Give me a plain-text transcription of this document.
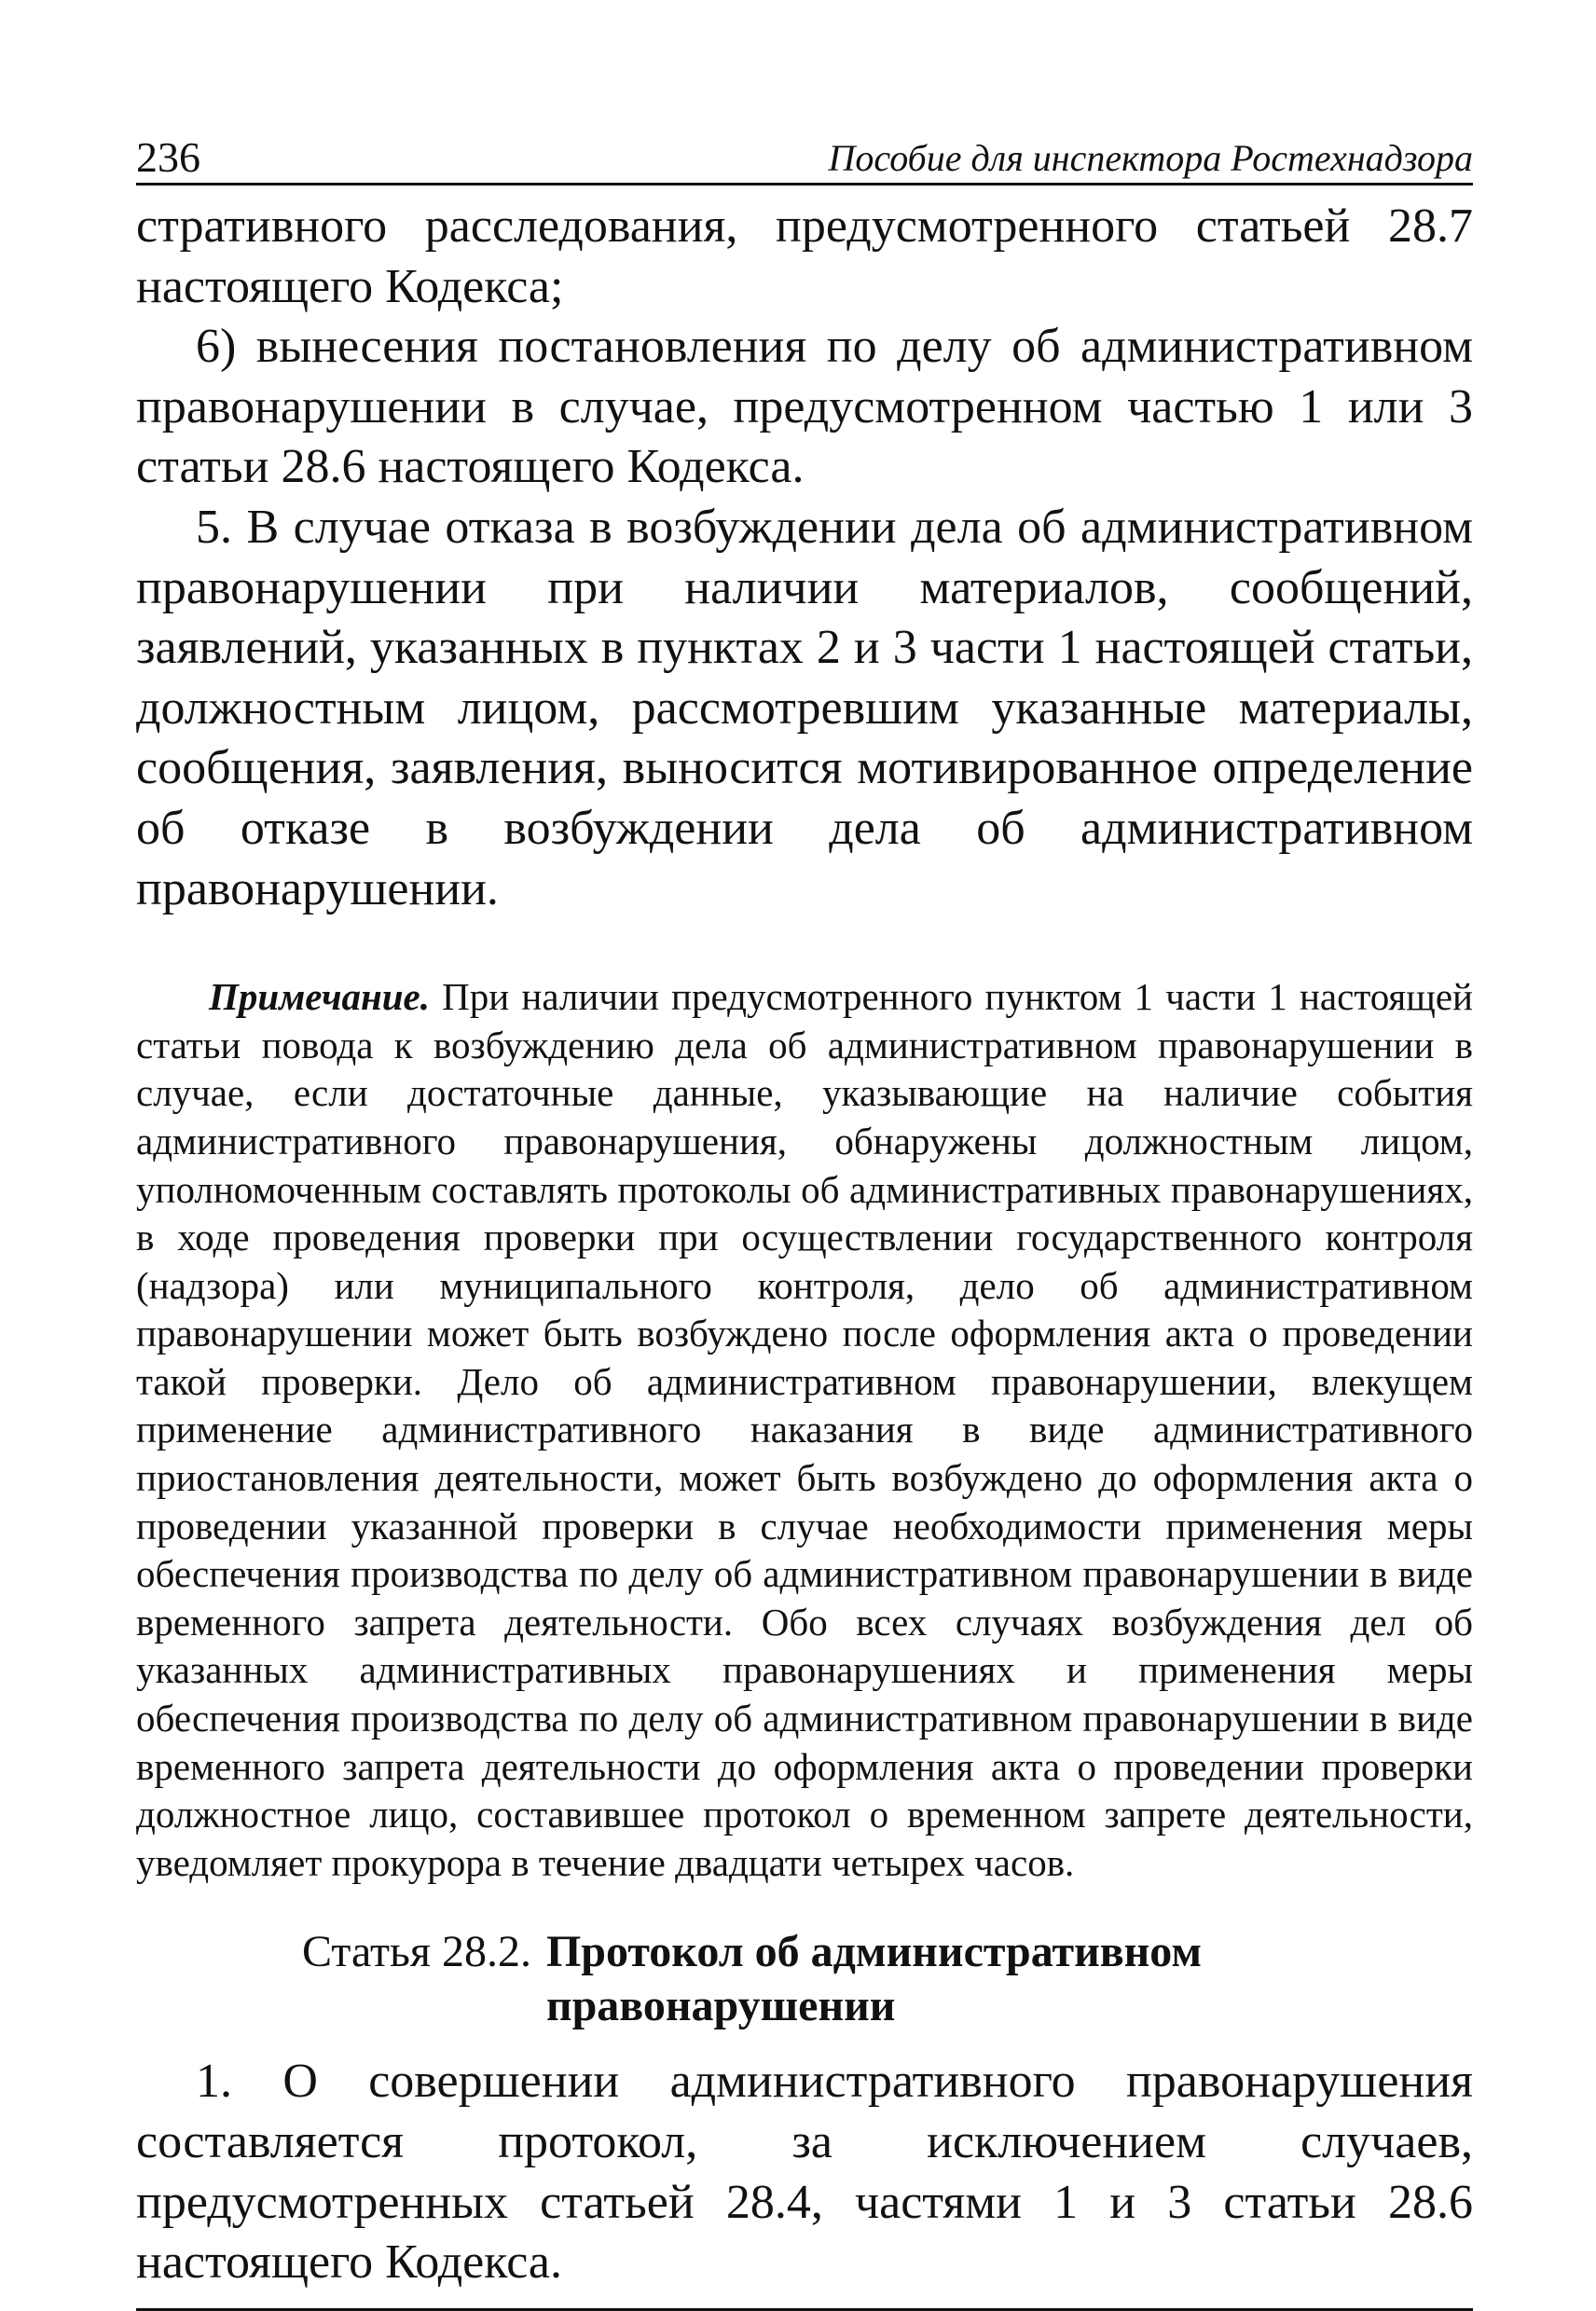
236	Пособие для инспектора Ростехнадзора

стративного расследования, предусмотренного статьей 28.7 настоящего Кодекса;

6) вынесения постановления по делу об административном правонарушении в случае, предусмотренном частью 1 или 3 статьи 28.6 настоящего Кодекса.

5. В случае отказа в возбуждении дела об административном правонарушении при наличии материалов, сообщений, заявлений, указанных в пунктах 2 и 3 части 1 настоящей статьи, должностным лицом, рассмотревшим указанные материалы, сообщения, заявления, выносится мотивированное определение об отказе в возбуждении дела об административном правонарушении.

Примечание. При наличии предусмотренного пунктом 1 части 1 настоящей статьи повода к возбуждению дела об административном правонарушении в случае, если достаточные данные, указывающие на наличие события административного правонарушения, обнаружены должностным лицом, уполномоченным составлять протоколы об административных правонарушениях, в ходе проведения проверки при осуществлении государственного контроля (надзора) или муниципального контроля, дело об административном правонарушении может быть возбуждено после оформления акта о проведении такой проверки. Дело об административном правонарушении, влекущем применение административного наказания в виде административного приостановления деятельности, может быть возбуждено до оформления акта о проведении указанной проверки в случае необходимости применения меры обеспечения производства по делу об административном правонарушении в виде временного запрета деятельности. Обо всех случаях возбуждения дел об указанных административных правонарушениях и применения меры обеспечения производства по делу об административном правонарушении в виде временного запрета деятельности до оформления акта о проведении проверки должностное лицо, составившее протокол о временном запрете деятельности, уведомляет прокурора в течение двадцати четырех часов.

Статья 28.2. Протокол об административном правонарушении

1. О совершении административного правонарушения составляется протокол, за исключением случаев, предусмотренных статьей 28.4, частями 1 и 3 статьи 28.6 настоящего Кодекса.
